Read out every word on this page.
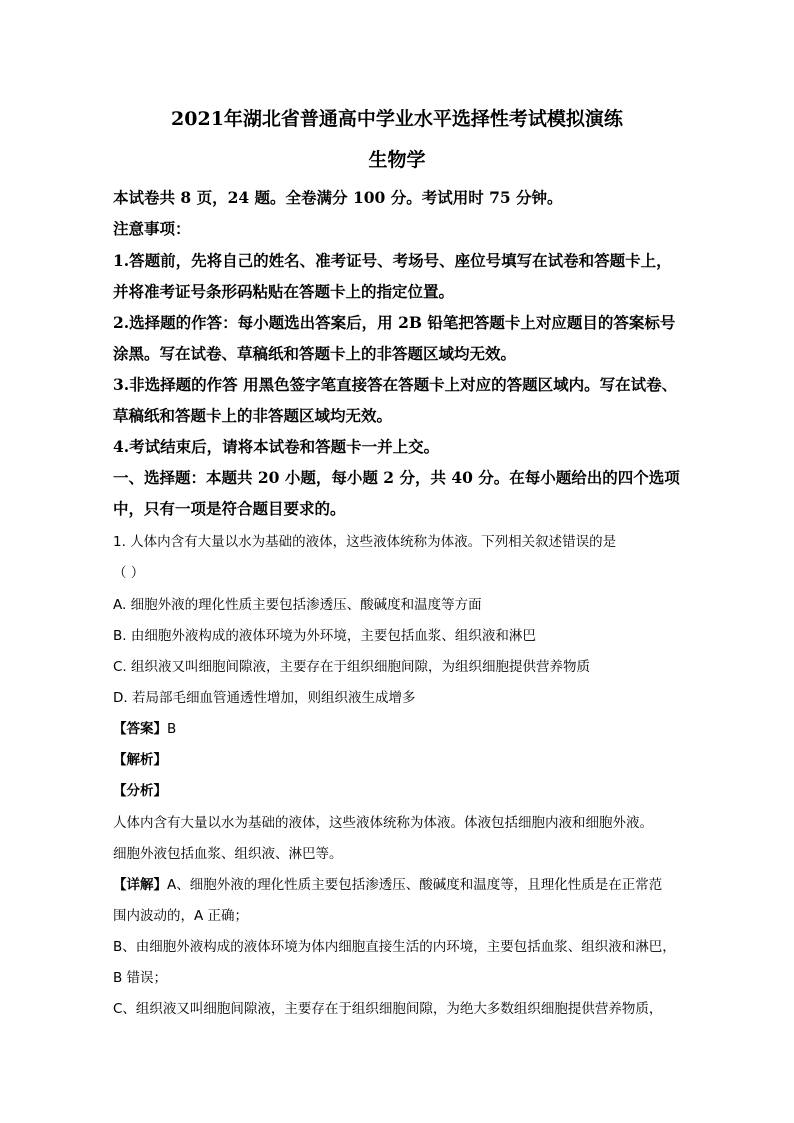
2021年湖北省普通高中学业水平选择性考试模拟演练
生物学
本试卷共 8 页，24 题。全卷满分 100 分。考试用时 75 分钟。
注意事项：
1.答题前，先将自己的姓名、准考证号、考场号、座位号填写在试卷和答题卡上，
并将准考证号条形码粘贴在答题卡上的指定位置。
2.选择题的作答：每小题选出答案后，用 2B 铅笔把答题卡上对应题目的答案标号
涂黑。写在试卷、草稿纸和答题卡上的非答题区域均无效。
3.非选择题的作答 用黑色签字笔直接答在答题卡上对应的答题区域内。写在试卷、
草稿纸和答题卡上的非答题区域均无效。
4.考试结束后，请将本试卷和答题卡一并上交。
一、选择题：本题共 20 小题，每小题 2 分，共 40 分。在每小题给出的四个选项
中，只有一项是符合题目要求的。
1. 人体内含有大量以水为基础的液体，这些液体统称为体液。下列相关叙述错误的是
（ ）
A. 细胞外液的理化性质主要包括渗透压、酸碱度和温度等方面
B. 由细胞外液构成的液体环境为外环境，主要包括血浆、组织液和淋巴
C. 组织液又叫细胞间隙液，主要存在于组织细胞间隙，为组织细胞提供营养物质
D. 若局部毛细血管通透性增加，则组织液生成增多
【答案】B
【解析】
【分析】
人体内含有大量以水为基础的液体，这些液体统称为体液。体液包括细胞内液和细胞外液。
细胞外液包括血浆、组织液、淋巴等。
【详解】A、细胞外液的理化性质主要包括渗透压、酸碱度和温度等，且理化性质是在正常范
围内波动的，A 正确；
B、由细胞外液构成的液体环境为体内细胞直接生活的内环境，主要包括血浆、组织液和淋巴，
B 错误；
C、组织液又叫细胞间隙液，主要存在于组织细胞间隙，为绝大多数组织细胞提供营养物质，
